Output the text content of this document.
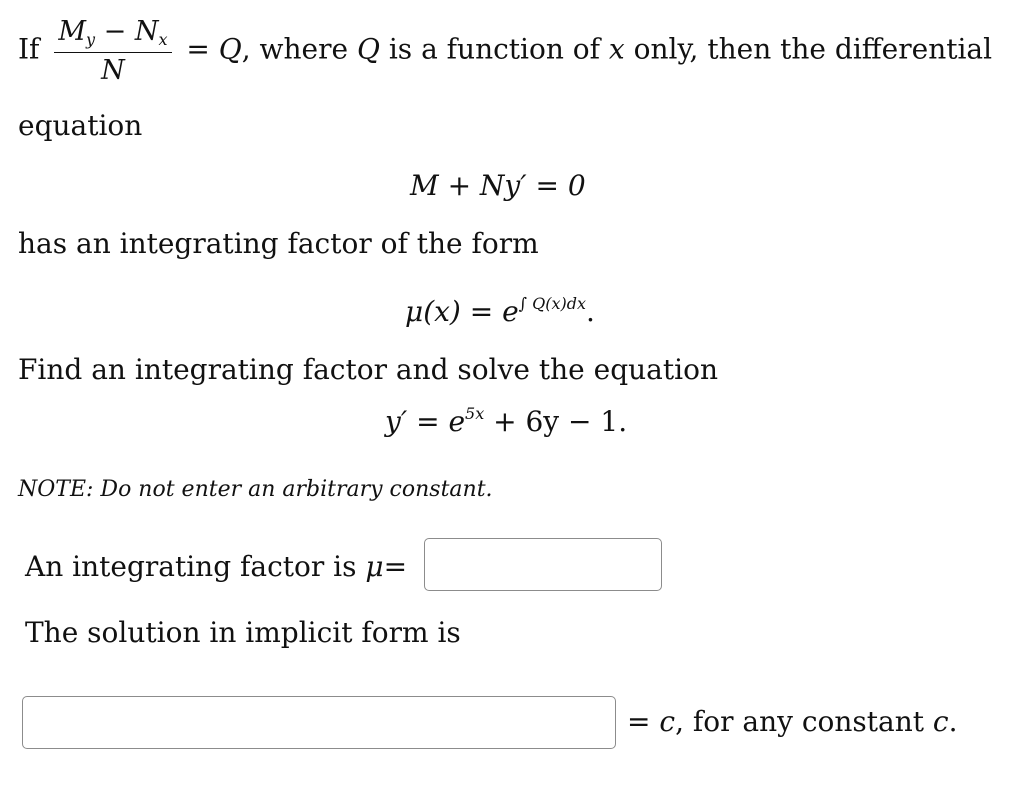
If $\frac{M_y - N_x}{N} = Q$, where Q is a function of x only, then the differential
equation
M + Ny′ = 0
has an integrating factor of the form
$\mu(x) = e^{\int Q(x)dx}$.
Find an integrating factor and solve the equation
$y' = e^{5x} + 6y - 1$.
NOTE: Do not enter an arbitrary constant.
An integrating factor is μ=
The solution in implicit form is
= c, for any constant c.
